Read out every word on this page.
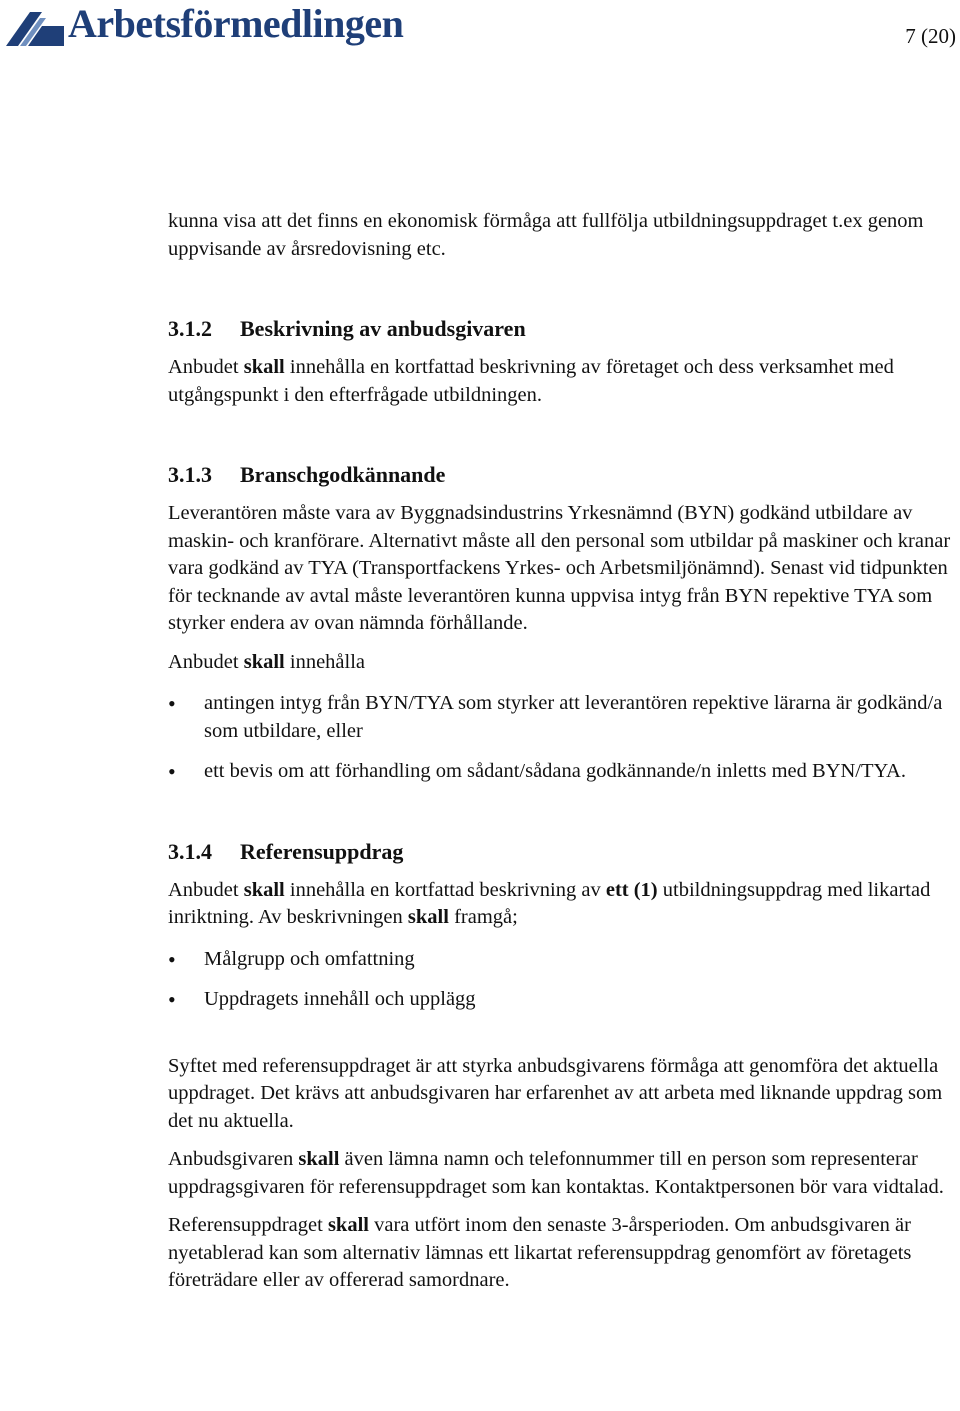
Arbetsförmedlingen	7 (20)

kunna visa att det finns en ekonomisk förmåga att fullfölja utbildningsuppdraget t.ex genom uppvisande av årsredovisning etc.

3.1.2 Beskrivning av anbudsgivaren

Anbudet skall innehålla en kortfattad beskrivning av företaget och dess verksamhet med utgångspunkt i den efterfrågade utbildningen.

3.1.3 Branschgodkännande

Leverantören måste vara av Byggnadsindustrins Yrkesnämnd (BYN) godkänd utbildare av maskin- och kranförare. Alternativt måste all den personal som utbildar på maskiner och kranar vara godkänd av TYA (Transportfackens Yrkes- och Arbetsmiljönämnd). Senast vid tidpunkten för tecknande av avtal måste leverantören kunna uppvisa intyg från BYN repektive TYA som styrker endera av ovan nämnda förhållande.

Anbudet skall innehålla

• antingen intyg från BYN/TYA som styrker att leverantören repektive lärarna är godkänd/a som utbildare, eller
• ett bevis om att förhandling om sådant/sådana godkännande/n inletts med BYN/TYA.
3.1.4 Referensuppdrag

Anbudet skall innehålla en kortfattad beskrivning av ett (1) utbildningsuppdrag med likartad inriktning. Av beskrivningen skall framgå;

• Målgrupp och omfattning
• Uppdragets innehåll och upplägg

Syftet med referensuppdraget är att styrka anbudsgivarens förmåga att genomföra det aktuella uppdraget. Det krävs att anbudsgivaren har erfarenhet av att arbeta med liknande uppdrag som det nu aktuella.

Anbudsgivaren skall även lämna namn och telefonnummer till en person som representerar uppdragsgivaren för referensuppdraget som kan kontaktas. Kontaktpersonen bör vara vidtalad.

Referensuppdraget skall vara utfört inom den senaste 3-årsperioden. Om anbudsgivaren är nyetablerad kan som alternativ lämnas ett likartat referensuppdrag genomfört av företagets företrädare eller av offererad samordnare.
